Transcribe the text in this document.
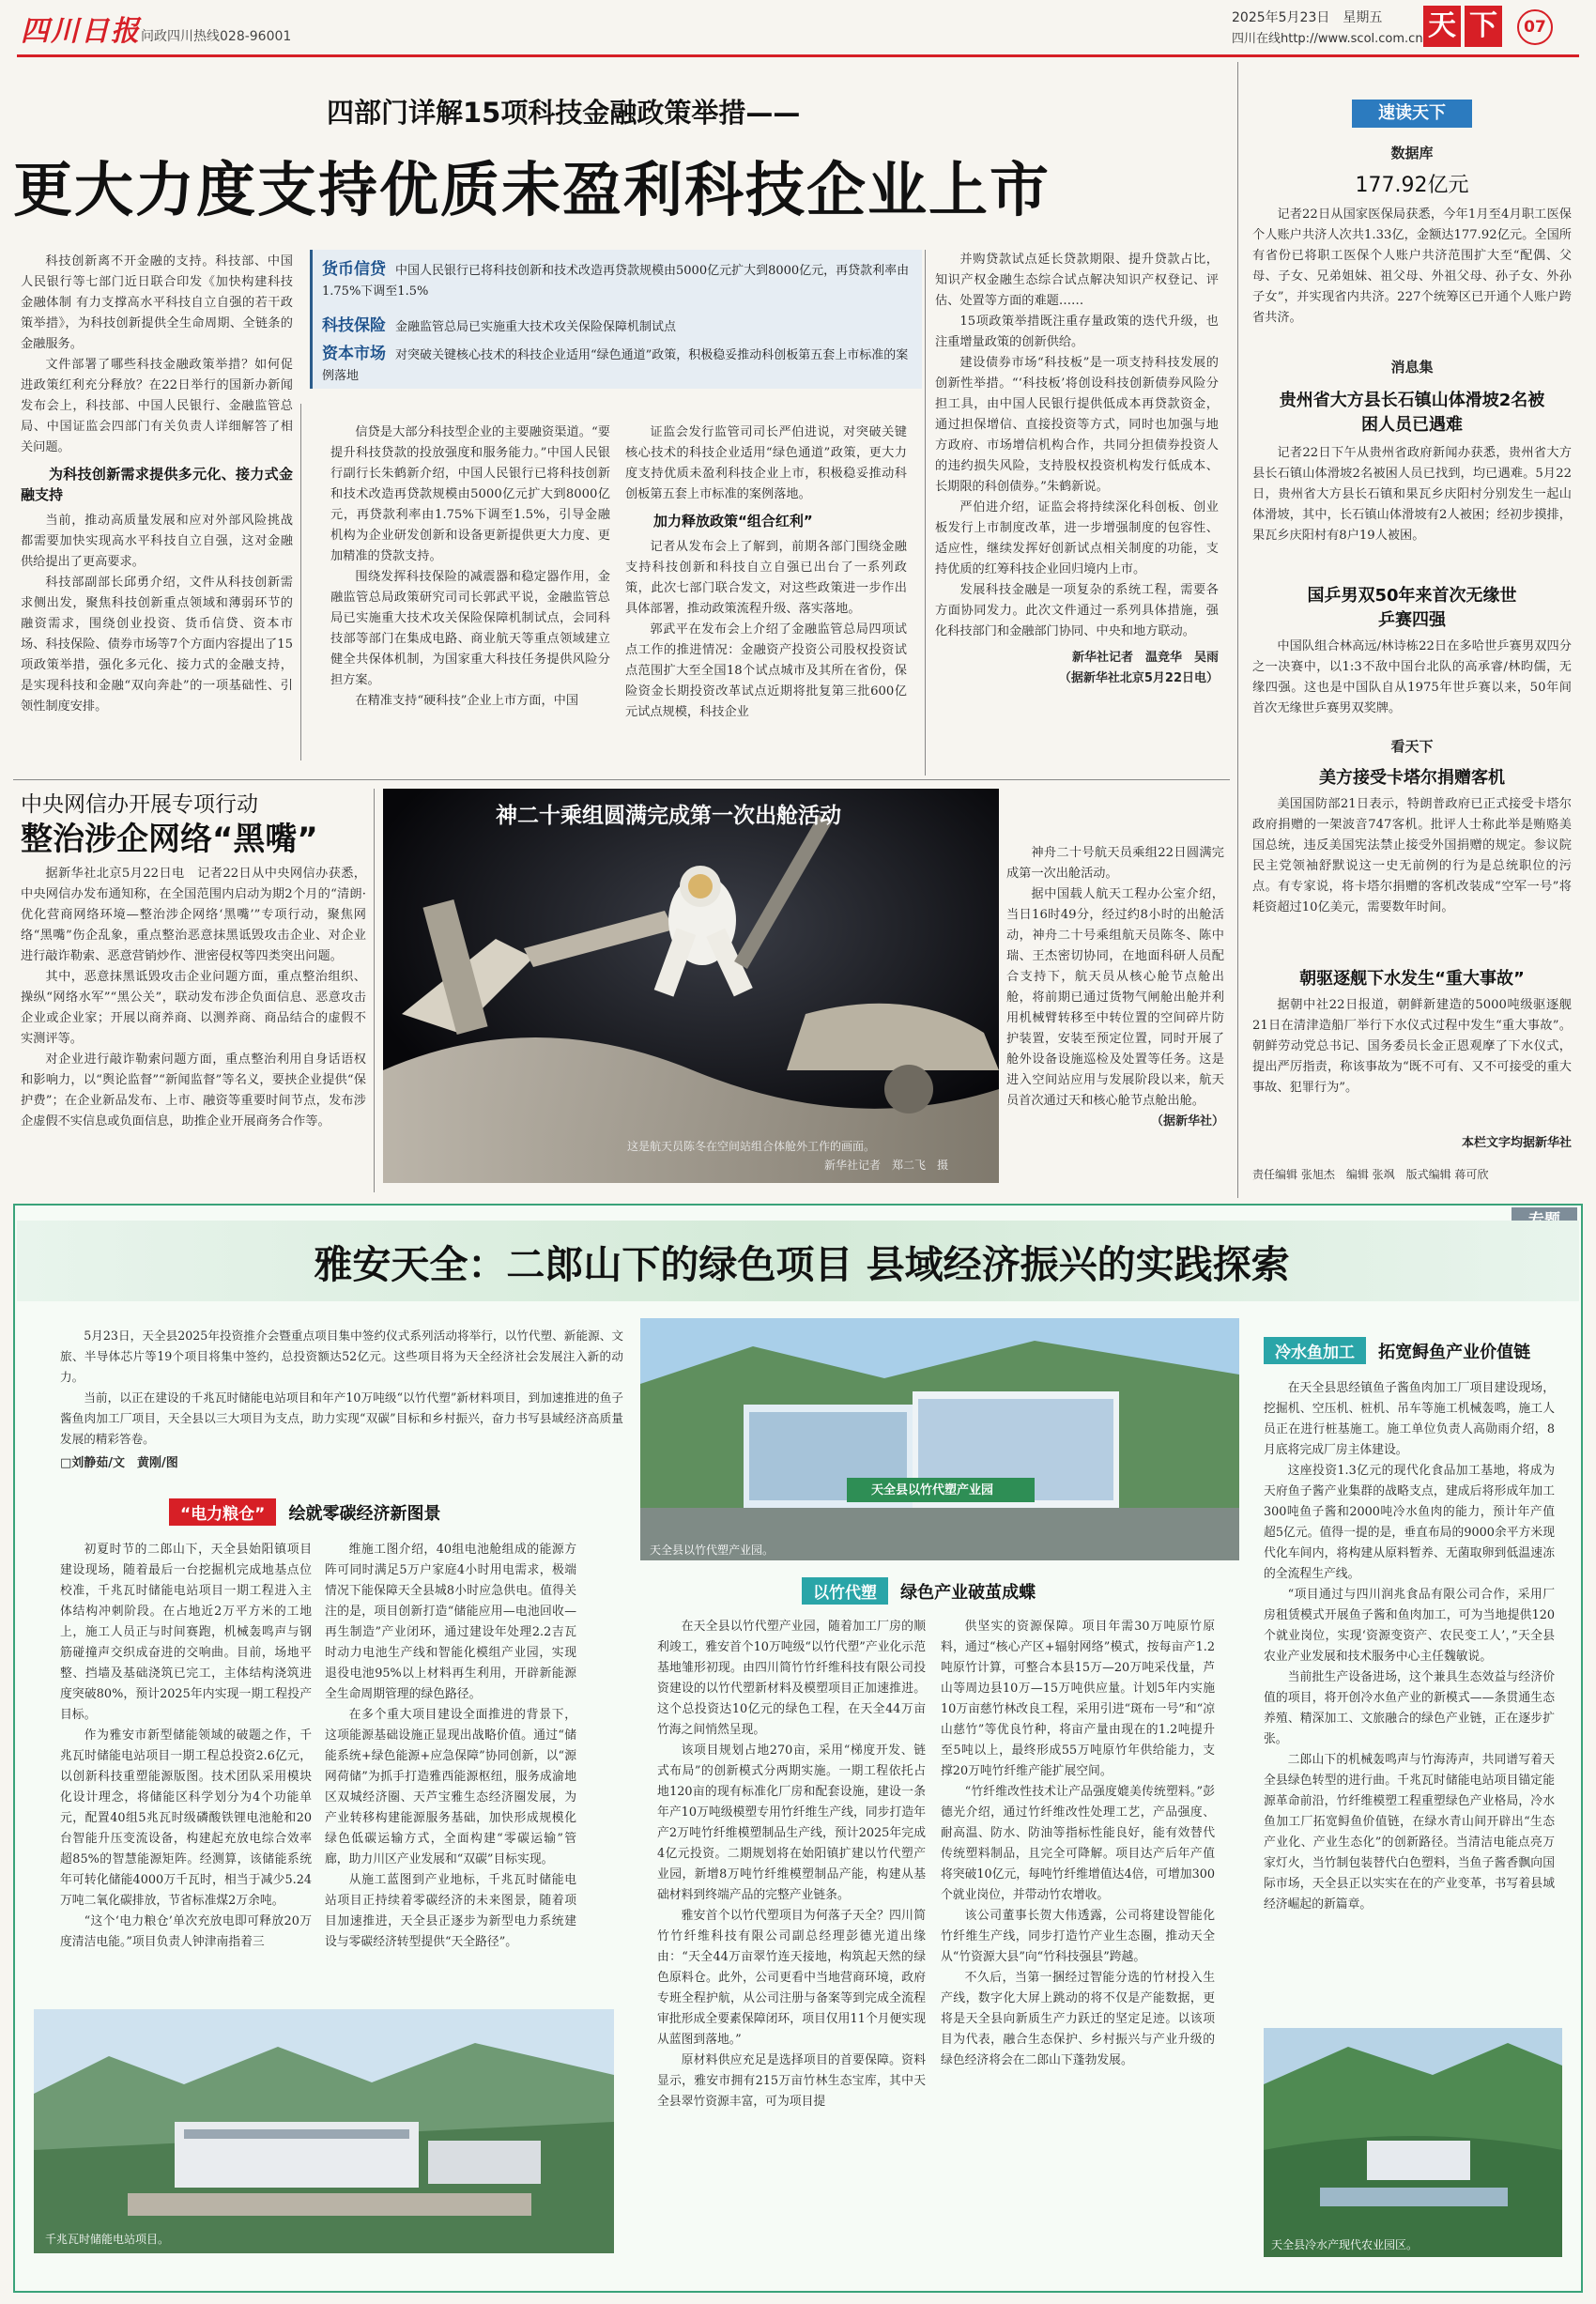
四川日报 问政四川热线028-96001
2025年5月23日　星期五
四川在线http://www.scol.com.cn 天 下	07
四部门详解15项科技金融政策举措——
更大力度支持优质未盈利科技企业上市

科技创新离不开金融的支持。科技部、中国人民银行等七部门近日联合印发《加快构建科技金融体制 有力支撑高水平科技自立自强的若干政策举措》，为科技创新提供全生命周期、全链条的金融服务。

文件部署了哪些科技金融政策举措？如何促进政策红利充分释放？在22日举行的国新办新闻发布会上，科技部、中国人民银行、金融监管总局、中国证监会四部门有关负责人详细解答了相关问题。

为科技创新需求提供多元化、接力式金融支持

当前，推动高质量发展和应对外部风险挑战都需要加快实现高水平科技自立自强，这对金融供给提出了更高要求。

科技部副部长邱勇介绍，文件从科技创新需求侧出发，聚焦科技创新重点领域和薄弱环节的融资需求，围绕创业投资、货币信贷、资本市场、科技保险、债券市场等7个方面内容提出了15项政策举措，强化多元化、接力式的金融支持，是实现科技和金融“双向奔赴”的一项基础性、引领性制度安排。

货币信贷 中国人民银行已将科技创新和技术改造再贷款规模由5000亿元扩大到8000亿元，再贷款利率由1.75%下调至1.5%
科技保险 金融监管总局已实施重大技术攻关保险保障机制试点
资本市场 对突破关键核心技术的科技企业适用“绿色通道”政策，积极稳妥推动科创板第五套上市标准的案例落地

信贷是大部分科技型企业的主要融资渠道。“要提升科技贷款的投放强度和服务能力。”中国人民银行副行长朱鹤新介绍，中国人民银行已将科技创新和技术改造再贷款规模由5000亿元扩大到8000亿元，再贷款利率由1.75%下调至1.5%，引导金融机构为企业研发创新和设备更新提供更大力度、更加精准的贷款支持。

围绕发挥科技保险的减震器和稳定器作用，金融监管总局政策研究司司长郭武平说，金融监管总局已实施重大技术攻关保险保障机制试点，会同科技部等部门在集成电路、商业航天等重点领域建立健全共保体机制，为国家重大科技任务提供风险分担方案。

在精准支持“硬科技”企业上市方面，中国

证监会发行监管司司长严伯进说，对突破关键核心技术的科技企业适用“绿色通道”政策，更大力度支持优质未盈利科技企业上市，积极稳妥推动科创板第五套上市标准的案例落地。

加力释放政策“组合红利”

记者从发布会上了解到，前期各部门围绕金融支持科技创新和科技自立自强已出台了一系列政策，此次七部门联合发文，对这些政策进一步作出具体部署，推动政策流程升级、落实落地。

郭武平在发布会上介绍了金融监管总局四项试点工作的推进情况：金融资产投资公司股权投资试点范围扩大至全国18个试点城市及其所在省份，保险资金长期投资改革试点近期将批复第三批600亿元试点规模，科技企业

并购贷款试点延长贷款期限、提升贷款占比，知识产权金融生态综合试点解决知识产权登记、评估、处置等方面的难题……

15项政策举措既注重存量政策的迭代升级，也注重增量政策的创新供给。

建设债券市场“科技板”是一项支持科技发展的创新性举措。“‘科技板’将创设科技创新债券风险分担工具，由中国人民银行提供低成本再贷款资金，通过担保增信、直接投资等方式，同时也加强与地方政府、市场增信机构合作，共同分担债券投资人的违约损失风险，支持股权投资机构发行低成本、长期限的科创债券。”朱鹤新说。

严伯进介绍，证监会将持续深化科创板、创业板发行上市制度改革，进一步增强制度的包容性、适应性，继续发挥好创新试点相关制度的功能，支持优质的红筹科技企业回归境内上市。

发展科技金融是一项复杂的系统工程，需要各方面协同发力。此次文件通过一系列具体措施，强化科技部门和金融部门协同、中央和地方联动。

新华社记者　温竞华　吴雨
（据新华社北京5月22日电）
中央网信办开展专项行动
整治涉企网络“黑嘴”

据新华社北京5月22日电　记者22日从中央网信办获悉，中央网信办发布通知称，在全国范围内启动为期2个月的“清朗·优化营商网络环境—整治涉企网络‘黑嘴’”专项行动，聚焦网络“黑嘴”伤企乱象，重点整治恶意抹黑诋毁攻击企业、对企业进行敲诈勒索、恶意营销炒作、泄密侵权等四类突出问题。

其中，恶意抹黑诋毁攻击企业问题方面，重点整治组织、操纵“网络水军”“黑公关”，联动发布涉企负面信息、恶意攻击企业或企业家；开展以商养商、以测养商、商品结合的虚假不实测评等。

对企业进行敲诈勒索问题方面，重点整治利用自身话语权和影响力，以“舆论监督”“新闻监督”等名义，要挟企业提供“保护费”；在企业新品发布、上市、融资等重要时间节点，发布涉企虚假不实信息或负面信息，助推企业开展商务合作等。

神二十乘组圆满完成第一次出舱活动
这是航天员陈冬在空间站组合体舱外工作的画面。
新华社记者　郑二飞　摄

神舟二十号航天员乘组22日圆满完成第一次出舱活动。

据中国载人航天工程办公室介绍，当日16时49分，经过约8小时的出舱活动，神舟二十号乘组航天员陈冬、陈中瑞、王杰密切协同，在地面科研人员配合支持下，航天员从核心舱节点舱出舱，将前期已通过货物气闸舱出舱并利用机械臂转移至中转位置的空间碎片防护装置，安装至预定位置，同时开展了舱外设备设施巡检及处置等任务。这是进入空间站应用与发展阶段以来，航天员首次通过天和核心舱节点舱出舱。

（据新华社）
速读天下
数据库
177.92亿元

记者22日从国家医保局获悉，今年1月至4月职工医保个人账户共济人次共1.33亿，金额达177.92亿元。全国所有省份已将职工医保个人账户共济范围扩大至“配偶、父母、子女、兄弟姐妹、祖父母、外祖父母、孙子女、外孙子女”，并实现省内共济。227个统筹区已开通个人账户跨省共济。

消息集
贵州省大方县长石镇山体滑坡2名被困人员已遇难

记者22日下午从贵州省政府新闻办获悉，贵州省大方县长石镇山体滑坡2名被困人员已找到，均已遇难。5月22日，贵州省大方县长石镇和果瓦乡庆阳村分别发生一起山体滑坡，其中，长石镇山体滑坡有2人被困；经初步摸排，果瓦乡庆阳村有8户19人被困。

国乒男双50年来首次无缘世乒赛四强

中国队组合林高远/林诗栋22日在多哈世乒赛男双四分之一决赛中，以1:3不敌中国台北队的高承睿/林昀儒，无缘四强。这也是中国队自从1975年世乒赛以来，50年间首次无缘世乒赛男双奖牌。

看天下
美方接受卡塔尔捐赠客机

美国国防部21日表示，特朗普政府已正式接受卡塔尔政府捐赠的一架波音747客机。批评人士称此举是贿赂美国总统，违反美国宪法禁止接受外国捐赠的规定。参议院民主党领袖舒默说这一史无前例的行为是总统职位的污点。有专家说，将卡塔尔捐赠的客机改装成“空军一号”将耗资超过10亿美元，需要数年时间。

朝驱逐舰下水发生“重大事故”

据朝中社22日报道，朝鲜新建造的5000吨级驱逐舰21日在清津造船厂举行下水仪式过程中发生“重大事故”。朝鲜劳动党总书记、国务委员长金正恩观摩了下水仪式，提出严厉指责，称该事故为“既不可有、又不可接受的重大事故、犯罪行为”。

本栏文字均据新华社
责任编辑 张旭杰　编辑 张飒　版式编辑 蒋可欣
雅安天全：二郎山下的绿色项目 县域经济振兴的实践探索

5月23日，天全县2025年投资推介会暨重点项目集中签约仪式系列活动将举行，以竹代塑、新能源、文旅、半导体芯片等19个项目将集中签约，总投资额达52亿元。这些项目将为天全经济社会发展注入新的动力。

当前，以正在建设的千兆瓦时储能电站项目和年产10万吨级“以竹代塑”新材料项目，到加速推进的鱼子酱鱼肉加工厂项目，天全县以三大项目为支点，助力实现“双碳”目标和乡村振兴，奋力书写县域经济高质量发展的精彩答卷。

□刘静茹/文　黄刚/图
“电力粮仓” 绘就零碳经济新图景

初夏时节的二郎山下，天全县始阳镇项目建设现场，随着最后一台挖掘机完成地基点位校准，千兆瓦时储能电站项目一期工程进入主体结构冲刺阶段。在占地近2万平方米的工地上，施工人员正与时间赛跑，机械轰鸣声与钢筋碰撞声交织成奋进的交响曲。目前，场地平整、挡墙及基础浇筑已完工，主体结构浇筑进度突破80%，预计2025年内实现一期工程投产目标。

作为雅安市新型储能领域的破题之作，千兆瓦时储能电站项目一期工程总投资2.6亿元，以创新科技重塑能源版图。技术团队采用模块化设计理念，将储能区科学划分为4个功能单元，配置40组5兆瓦时级磷酸铁锂电池舱和20台智能升压变流设备，构建起充放电综合效率超85%的智慧能源矩阵。经测算，该储能系统年可转化储能4000万千瓦时，相当于减少5.24万吨二氧化碳排放，节省标准煤2万余吨。

“这个‘电力粮仓’单次充放电即可释放20万度清洁电能。”项目负责人钟津南指着三

维施工图介绍，40组电池舱组成的能源方阵可同时满足5万户家庭4小时用电需求，极端情况下能保障天全县城8小时应急供电。值得关注的是，项目创新打造“储能应用—电池回收—再生制造”产业闭环，通过建设年处理2.2吉瓦时动力电池生产线和智能化模组产业园，实现退役电池95%以上材料再生利用，开辟新能源全生命周期管理的绿色路径。

在多个重大项目建设全面推进的背景下，这项能源基础设施正显现出战略价值。通过“储能系统+绿色能源+应急保障”协同创新，以“源网荷储”为抓手打造雅西能源枢纽，服务成渝地区双城经济圈、天芦宝雅生态经济圈发展，为产业转移构建能源服务基础，加快形成规模化绿色低碳运输方式，全面构建“零碳运输”管廊，助力川区产业发展和“双碳”目标实现。

从施工蓝图到产业地标，千兆瓦时储能电站项目正持续着零碳经济的未来图景，随着项目加速推进，天全县正逐步为新型电力系统建设与零碳经济转型提供“天全路径”。

千兆瓦时储能电站项目。
天全县以竹代塑产业园
天全县以竹代塑产业园。
以竹代塑 绿色产业破茧成蝶

在天全县以竹代塑产业园，随着加工厂房的顺利竣工，雅安首个10万吨级“以竹代塑”产业化示范基地雏形初现。由四川简竹竹纤维科技有限公司投资建设的以竹代塑新材料及模塑项目正加速推进。这个总投资达10亿元的绿色工程，在天全44万亩竹海之间悄然呈现。

该项目规划占地270亩，采用“梯度开发、链式布局”的创新模式分两期实施。一期工程依托占地120亩的现有标准化厂房和配套设施，建设一条年产10万吨级模塑专用竹纤维生产线，同步打造年产2万吨竹纤维模塑制品生产线，预计2025年完成4亿元投资。二期规划将在始阳镇扩建以竹代塑产业园，新增8万吨竹纤维模塑制品产能，构建从基础材料到终端产品的完整产业链条。

雅安首个以竹代塑项目为何落子天全？四川简竹竹纤维科技有限公司副总经理彭德光道出缘由：“天全44万亩翠竹连天接地，构筑起天然的绿色原料仓。此外，公司更看中当地营商环境，政府专班全程护航，从公司注册与备案等到完成全流程审批形成全要素保障闭环，项目仅用11个月便实现从蓝图到落地。”

原材料供应充足是选择项目的首要保障。资料显示，雅安市拥有215万亩竹林生态宝库，其中天全县翠竹资源丰富，可为项目提

供坚实的资源保障。项目年需30万吨原竹原料，通过“核心产区+辐射网络”模式，按每亩产1.2吨原竹计算，可整合本县15万—20万吨采伐量，芦山等周边县10万—15万吨供应量。计划5年内实施10万亩慈竹林改良工程，采用引进“斑布一号”和“凉山慈竹”等优良竹种，将亩产量由现在的1.2吨提升至5吨以上，最终形成55万吨原竹年供给能力，支撑20万吨竹纤维产能扩展空间。

“竹纤维改性技术让产品强度媲美传统塑料。”彭德光介绍，通过竹纤维改性处理工艺，产品强度、耐高温、防水、防油等指标性能良好，能有效替代传统塑料制品，且完全可降解。项目达产后年产值将突破10亿元，每吨竹纤维增值达4倍，可增加300个就业岗位，并带动竹农增收。

该公司董事长贺大伟透露，公司将建设智能化竹纤维生产线，同步打造竹产业生态圈，推动天全从“竹资源大县”向“竹科技强县”跨越。

不久后，当第一捆经过智能分选的竹材投入生产线，数字化大屏上跳动的将不仅是产能数据，更将是天全县向新质生产力跃迁的坚定足迹。以该项目为代表，融合生态保护、乡村振兴与产业升级的绿色经济将会在二郎山下蓬勃发展。

冷水鱼加工 拓宽鲟鱼产业价值链

在天全县思经镇鱼子酱鱼肉加工厂项目建设现场，挖掘机、空压机、桩机、吊车等施工机械轰鸣，施工人员正在进行桩基施工。施工单位负责人高勋雨介绍，8月底将完成厂房主体建设。

这座投资1.3亿元的现代化食品加工基地，将成为天府鱼子酱产业集群的战略支点，建成后将形成年加工300吨鱼子酱和2000吨冷水鱼肉的能力，预计年产值超5亿元。值得一提的是，垂直布局的9000余平方米现代化车间内，将构建从原料暂养、无菌取卵到低温速冻的全流程生产线。

“项目通过与四川润兆食品有限公司合作，采用厂房租赁模式开展鱼子酱和鱼肉加工，可为当地提供120个就业岗位，实现‘资源变资产、农民变工人’，”天全县农业产业发展和技术服务中心主任魏敏说。

当前批生产设备进场，这个兼具生态效益与经济价值的项目，将开创冷水鱼产业的新模式——条贯通生态养殖、精深加工、文旅融合的绿色产业链，正在逐步扩张。

二郎山下的机械轰鸣声与竹海涛声，共同谱写着天全县绿色转型的进行曲。千兆瓦时储能电站项目锚定能源革命前沿，竹纤维模塑工程重塑绿色产业格局，冷水鱼加工厂拓宽鲟鱼价值链，在绿水青山间开辟出“生态产业化、产业生态化”的创新路径。当清洁电能点亮万家灯火，当竹制包装替代白色塑料，当鱼子酱香飘向国际市场，天全县正以实实在在的产业变革，书写着县域经济崛起的新篇章。

天全县冷水产现代农业园区。
